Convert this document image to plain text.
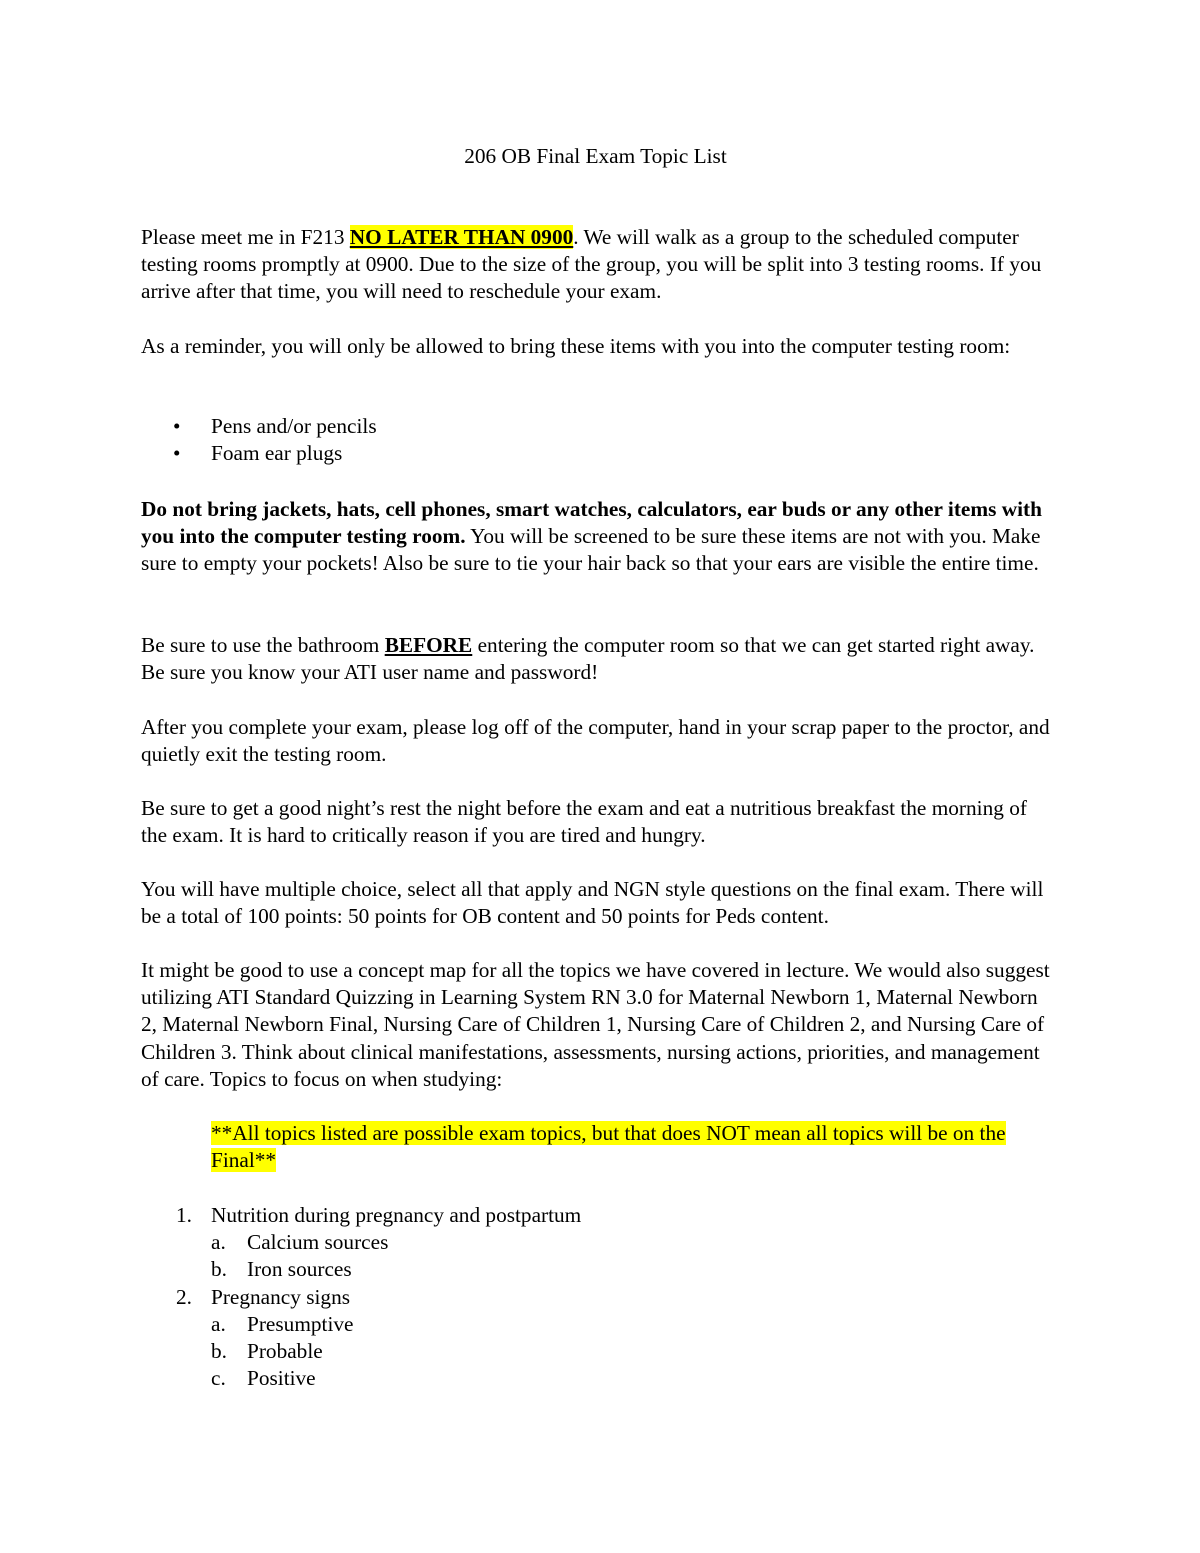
206 OB Final Exam Topic List

Please meet me in F213 NO LATER THAN 0900. We will walk as a group to the scheduled computer testing rooms promptly at 0900. Due to the size of the group, you will be split into 3 testing rooms. If you arrive after that time, you will need to reschedule your exam.

As a reminder, you will only be allowed to bring these items with you into the computer testing room:

• Pens and/or pencils
• Foam ear plugs

Do not bring jackets, hats, cell phones, smart watches, calculators, ear buds or any other items with you into the computer testing room. You will be screened to be sure these items are not with you. Make sure to empty your pockets! Also be sure to tie your hair back so that your ears are visible the entire time.

Be sure to use the bathroom BEFORE entering the computer room so that we can get started right away. Be sure you know your ATI user name and password!

After you complete your exam, please log off of the computer, hand in your scrap paper to the proctor, and quietly exit the testing room.

Be sure to get a good night’s rest the night before the exam and eat a nutritious breakfast the morning of the exam. It is hard to critically reason if you are tired and hungry.

You will have multiple choice, select all that apply and NGN style questions on the final exam. There will be a total of 100 points: 50 points for OB content and 50 points for Peds content.

It might be good to use a concept map for all the topics we have covered in lecture. We would also suggest utilizing ATI Standard Quizzing in Learning System RN 3.0 for Maternal Newborn 1, Maternal Newborn 2, Maternal Newborn Final, Nursing Care of Children 1, Nursing Care of Children 2, and Nursing Care of Children 3. Think about clinical manifestations, assessments, nursing actions, priorities, and management of care. Topics to focus on when studying:

**All topics listed are possible exam topics, but that does NOT mean all topics will be on the Final**

1. Nutrition during pregnancy and postpartum
a. Calcium sources
b. Iron sources
2. Pregnancy signs
a. Presumptive
b. Probable
c. Positive
